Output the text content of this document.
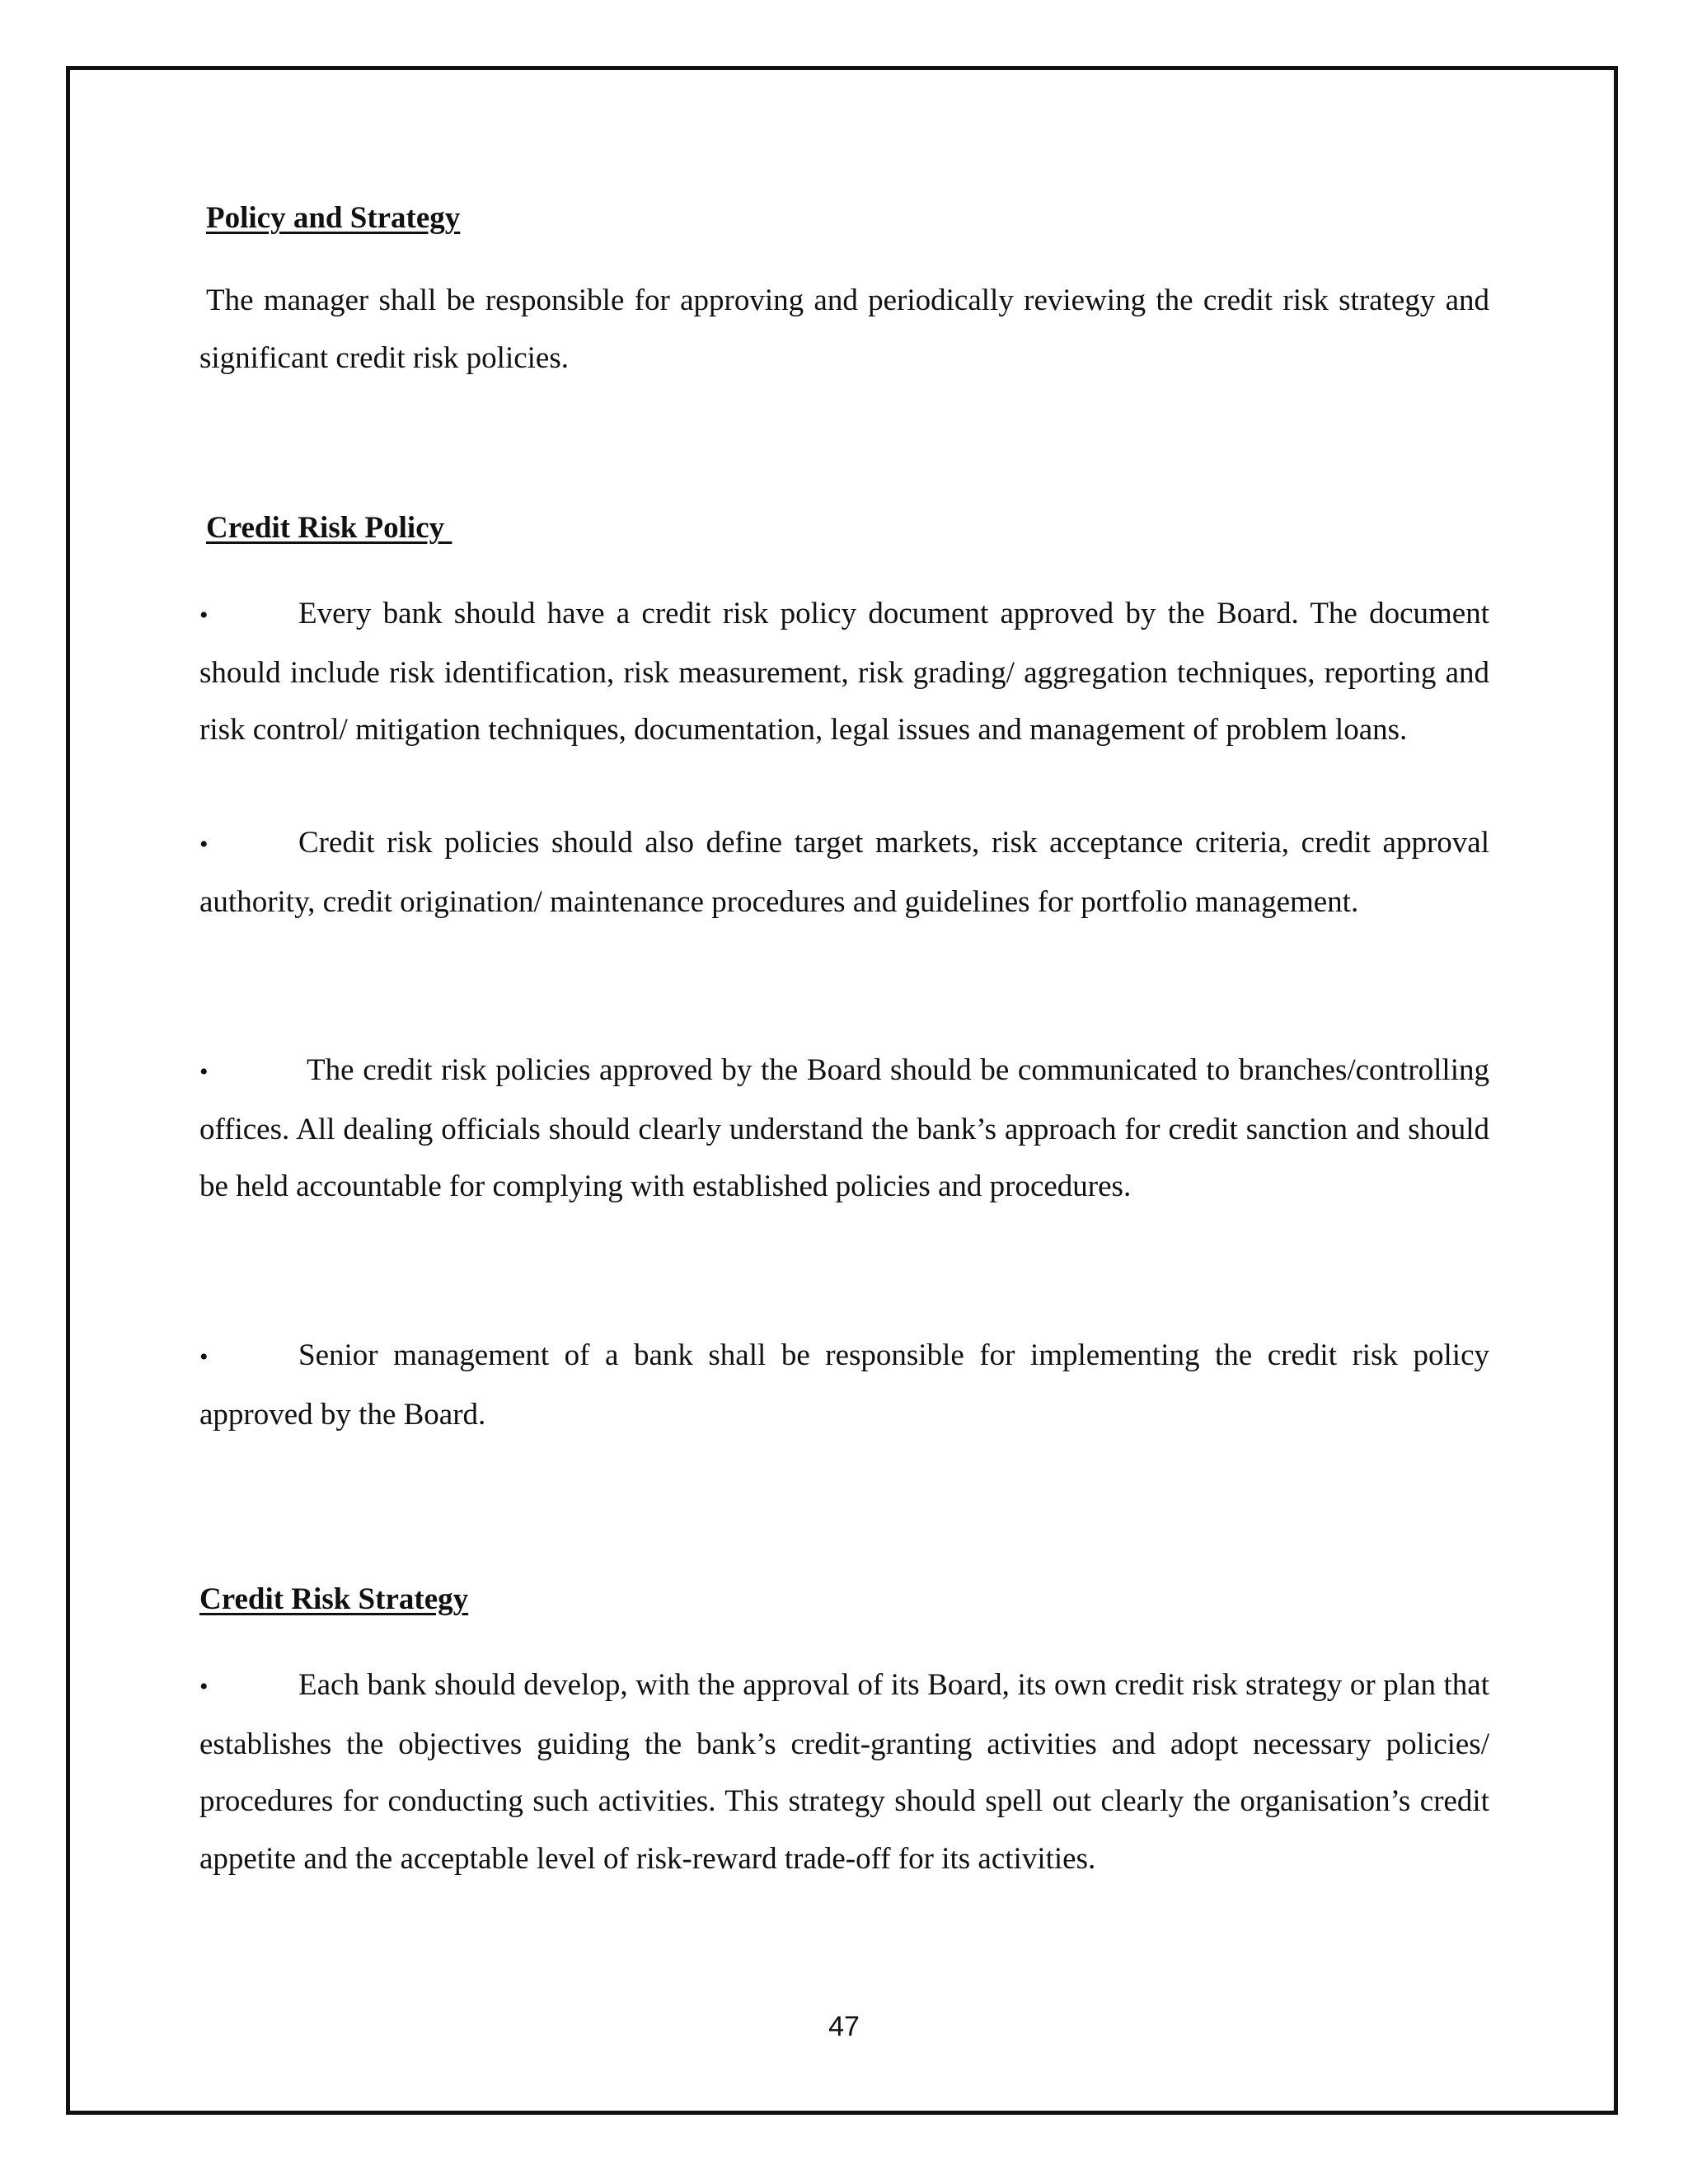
Policy and Strategy
The manager shall be responsible for approving and periodically reviewing the credit risk strategy and significant credit risk policies.
Credit Risk Policy
•	Every bank should have a credit risk policy document approved by the Board. The document should include risk identification, risk measurement, risk grading/ aggregation techniques, reporting and risk control/ mitigation techniques, documentation, legal issues and management of problem loans.
•	Credit risk policies should also define target markets, risk acceptance criteria, credit approval authority, credit origination/ maintenance procedures and guidelines for portfolio management.
•	The credit risk policies approved by the Board should be communicated to branches/controlling offices. All dealing officials should clearly understand the bank’s approach for credit sanction and should be held accountable for complying with established policies and procedures.
•	Senior management of a bank shall be responsible for implementing the credit risk policy approved by the Board.
Credit Risk Strategy
•	Each bank should develop, with the approval of its Board, its own credit risk strategy or plan that establishes the objectives guiding the bank’s credit-granting activities and adopt necessary policies/ procedures for conducting such activities. This strategy should spell out clearly the organisation’s credit appetite and the acceptable level of risk-reward trade-off for its activities.
47
